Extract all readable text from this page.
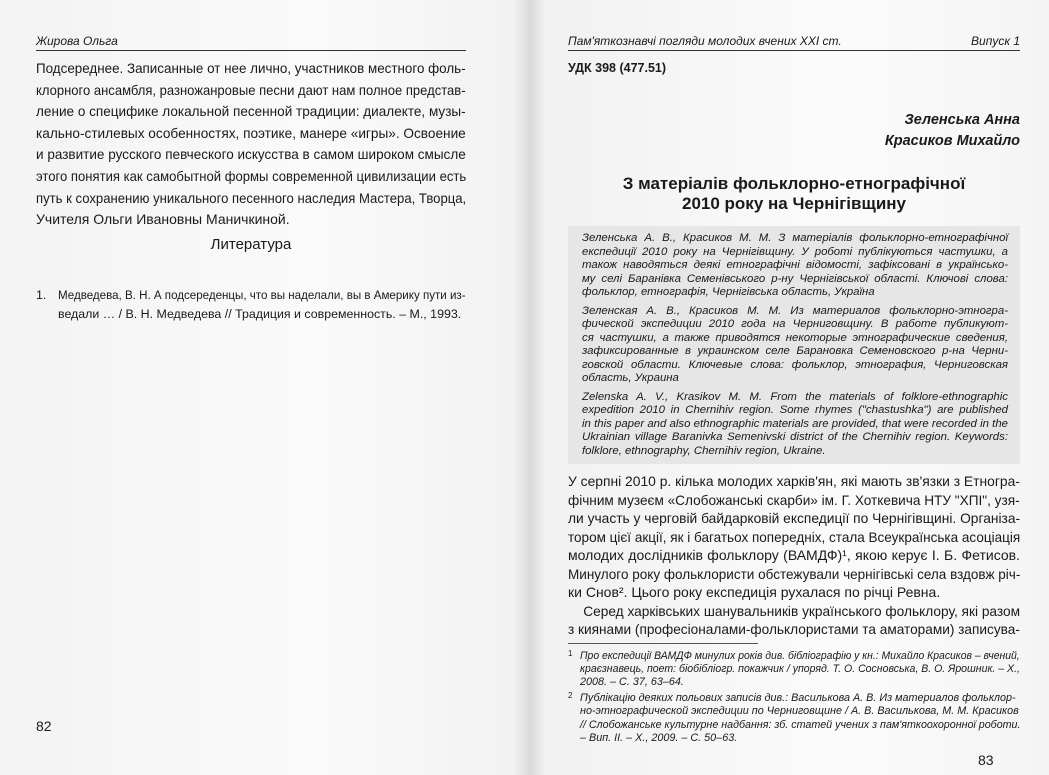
Жирова Ольга
Подсереднее. Записанные от нее лично, участников местного фоль-
клорного ансамбля, разножанровые песни дают нам полное представ-
ление о специфике локальной песенной традиции: диалекте, музы-
кально-стилевых особенностях, поэтике, манере «игры». Освоение
и развитие русского певческого искусства в самом широком смысле
этого понятия как самобытной формы современной цивилизации есть
путь к сохранению уникального песенного наследия Мастера, Творца,
Учителя Ольги Ивановны Маничкиной.
Литература
1. Медведева, В. Н. А подсереденцы, что вы наделали, вы в Америку пути из-
ведали … / В. Н. Медведева // Традиция и современность. – М., 1993.
82
Пам'яткознавчі погляди молодих вчених XXI ст.	Випуск 1
УДК 398 (477.51)
Зеленська Анна
Красиков Михайло
З матеріалів фольклорно-етнографічної
2010 року на Чернігівщину
Зеленська А. В., Красиков М. М. З матеріалів фольклорно-етнографічної
експедиції 2010 року на Чернігівщину. У роботі публікуються частушки, а
також наводяться деякі етнографічні відомості, зафіксовані в українсько-
му селі Баранівка Семенівського р-ну Чернігівської області. Ключові слова:
фольклор, етнографія, Чернігівська область, Україна
Зеленская А. В., Красиков М. М. Из материалов фольклорно-этногра-
фической экспедиции 2010 года на Черниговщину. В работе публикуют-
ся частушки, а также приводятся некоторые этнографические сведения,
зафиксированные в украинском селе Барановка Семеновского р-на Черни-
говской области. Ключевые слова: фольклор, этнография, Черниговская
область, Украина
Zelenska A. V., Krasikov M. M. From the materials of folklore-ethnographic
expedition 2010 in Chernihiv region. Some rhymes ("chastushka") are published
in this paper and also ethnographic materials are provided, that were recorded in the
Ukrainian village Baranivka Semenivski district of the Chernihiv region. Keywords:
folklore, ethnography, Chernihiv region, Ukraine.
У серпні 2010 р. кілька молодих харків'ян, які мають зв'язки з Етногра-
фічним музеєм «Слобожанські скарби» ім. Г. Хоткевича НТУ "ХПІ", узя-
ли участь у черговій байдарковій експедиції по Чернігівщині. Організа-
тором цієї акції, як і багатьох попередніх, стала Всеукраїнська асоціація
молодих дослідників фольклору (ВАМДФ)¹, якою керує І. Б. Фетисов.
Минулого року фольклористи обстежували чернігівські села вздовж річ-
ки Снов². Цього року експедиція рухалася по річці Ревна.
Серед харківських шанувальників українського фольклору, які разом
з киянами (професіоналами-фольклористами та аматорами) записува-
1 Про експедиції ВАМДФ минулих років див. бібліографію у кн.: Михайло Красиков – вчений,
краєзнавець, поет: біобібліогр. покажчик / упоряд. Т. О. Сосновська, В. О. Ярошник. – Х.,
2008. – С. 37, 63–64.
2 Публікацію деяких польових записів див.: Василькова А. В. Из материалов фольклор-
но-этнографической экспедиции по Черниговщине / А. В. Василькова, М. М. Красиков
// Слобожанське культурне надбання: зб. статей учених з пам'яткоохоронної роботи.
– Вип. II. – Х., 2009. – С. 50–63.
83
